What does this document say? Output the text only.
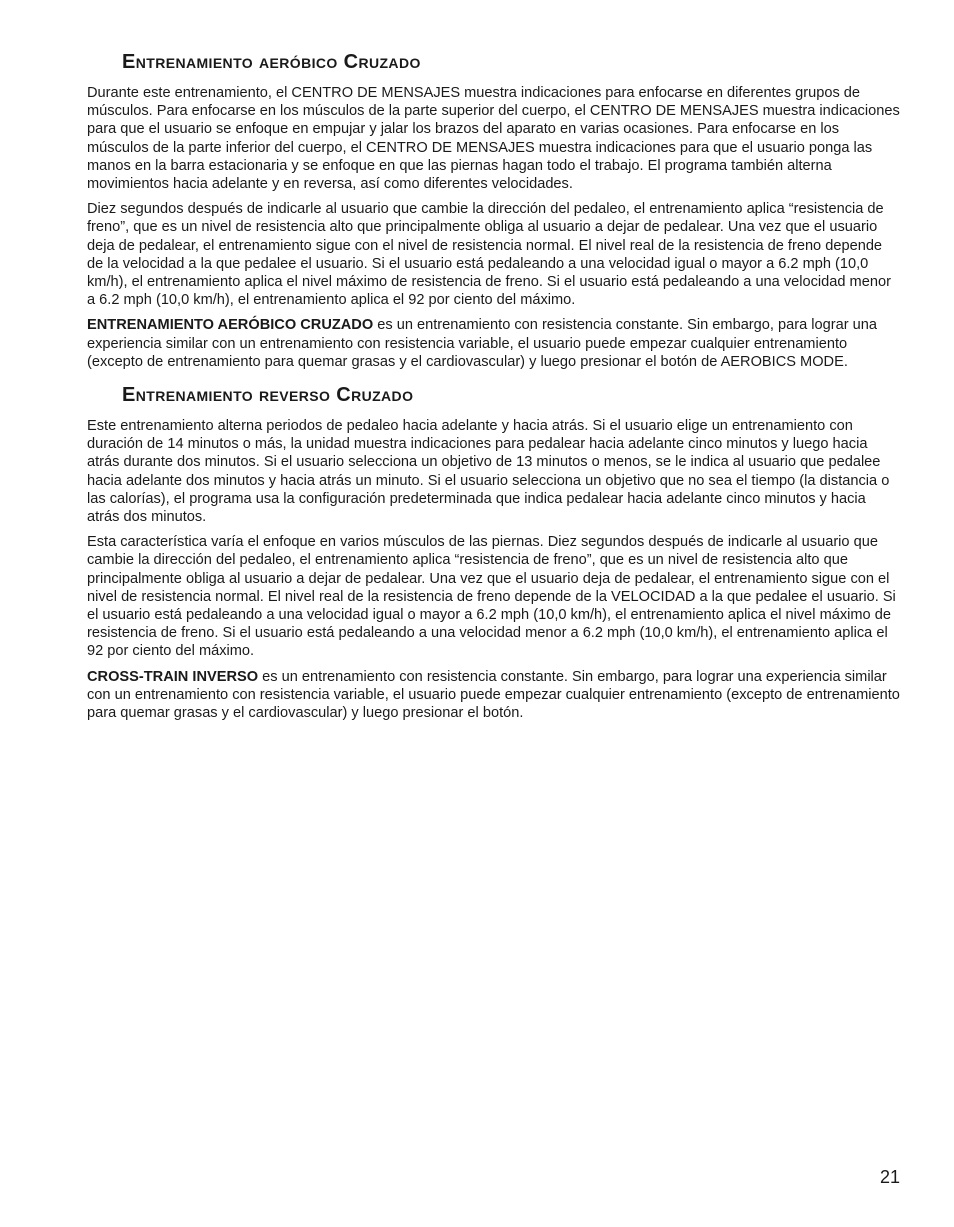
Entrenamiento aeróbico Cruzado

Durante este entrenamiento, el CENTRO DE MENSAJES muestra indicaciones para enfocarse en diferentes grupos de músculos. Para enfocarse en los músculos de la parte superior del cuerpo, el CENTRO DE MENSAJES muestra indicaciones para que el usuario se enfoque en empujar y jalar los brazos del aparato en varias ocasiones. Para enfocarse en los músculos de la parte inferior del cuerpo, el CENTRO DE MENSAJES muestra indicaciones para que el usuario ponga las manos en la barra estacionaria y se enfoque en que las piernas hagan todo el trabajo. El programa también alterna movimientos hacia adelante y en reversa, así como diferentes velocidades.

Diez segundos después de indicarle al usuario que cambie la dirección del pedaleo, el entrenamiento aplica “resistencia de freno”, que es un nivel de resistencia alto que principalmente obliga al usuario a dejar de pedalear. Una vez que el usuario deja de pedalear, el entrenamiento sigue con el nivel de resistencia normal. El nivel real de la resistencia de freno depende de la velocidad a la que pedalee el usuario. Si el usuario está pedaleando a una velocidad igual o mayor a 6.2 mph (10,0 km/h), el entrenamiento aplica el nivel máximo de resistencia de freno. Si el usuario está pedaleando a una velocidad menor a 6.2 mph (10,0 km/h), el entrenamiento aplica el 92 por ciento del máximo.

ENTRENAMIENTO AERÓBICO CRUZADO es un entrenamiento con resistencia constante. Sin embargo, para lograr una experiencia similar con un entrenamiento con resistencia variable, el usuario puede empezar cualquier entrenamiento (excepto de entrenamiento para quemar grasas y el cardiovascular) y luego presionar el botón de AEROBICS MODE.

Entrenamiento reverso Cruzado

Este entrenamiento alterna periodos de pedaleo hacia adelante y hacia atrás. Si el usuario elige un entrenamiento con duración de 14 minutos o más, la unidad muestra indicaciones para pedalear hacia adelante cinco minutos y luego hacia atrás durante dos minutos. Si el usuario selecciona un objetivo de 13 minutos o menos, se le indica al usuario que pedalee hacia adelante dos minutos y hacia atrás un minuto. Si el usuario selecciona un objetivo que no sea el tiempo (la distancia o las calorías), el programa usa la configuración predeterminada que indica pedalear hacia adelante cinco minutos y hacia atrás dos minutos.

Esta característica varía el enfoque en varios músculos de las piernas. Diez segundos después de indicarle al usuario que cambie la dirección del pedaleo, el entrenamiento aplica “resistencia de freno”, que es un nivel de resistencia alto que principalmente obliga al usuario a dejar de pedalear. Una vez que el usuario deja de pedalear, el entrenamiento sigue con el nivel de resistencia normal. El nivel real de la resistencia de freno depende de la VELOCIDAD a la que pedalee el usuario. Si el usuario está pedaleando a una velocidad igual o mayor a 6.2 mph (10,0 km/h), el entrenamiento aplica el nivel máximo de resistencia de freno. Si el usuario está pedaleando a una velocidad menor a 6.2 mph (10,0 km/h), el entrenamiento aplica el 92 por ciento del máximo.

CROSS-TRAIN INVERSO es un entrenamiento con resistencia constante. Sin embargo, para lograr una experiencia similar con un entrenamiento con resistencia variable, el usuario puede empezar cualquier entrenamiento (excepto de entrenamiento para quemar grasas y el cardiovascular) y luego presionar el botón.

21
